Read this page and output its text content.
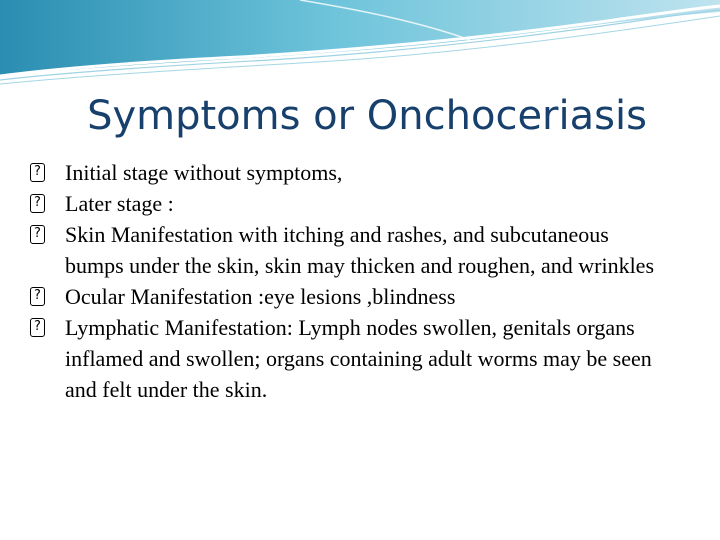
Symptoms or Onchoceriasis
? Initial stage without symptoms,
? Later stage :
? Skin Manifestation with itching and rashes, and subcutaneous bumps under the skin, skin may thicken and roughen, and wrinkles
? Ocular Manifestation :eye lesions ,blindness
? Lymphatic Manifestation: Lymph nodes swollen, genitals organs inflamed and swollen; organs containing adult worms may be seen and felt under the skin.
